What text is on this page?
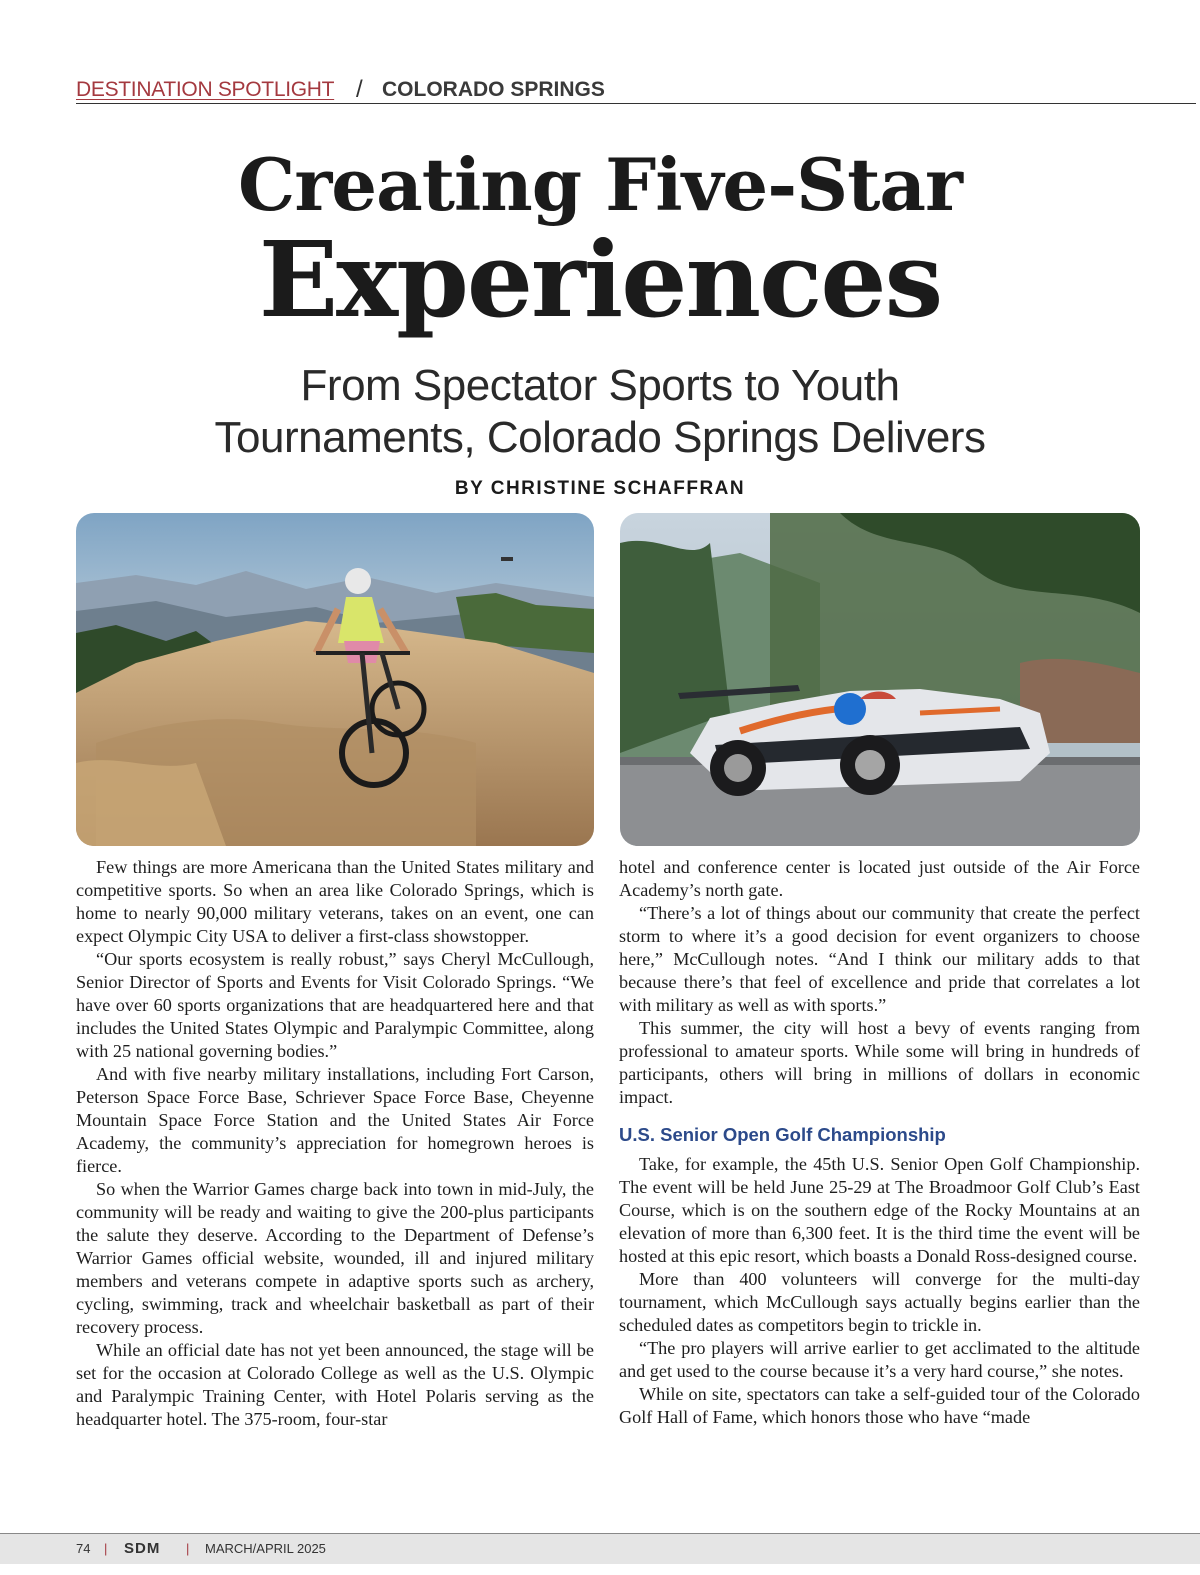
DESTINATION SPOTLIGHT / COLORADO SPRINGS
Creating Five-Star
Experiences
From Spectator Sports to Youth
Tournaments, Colorado Springs Delivers
BY CHRISTINE SCHAFFRAN

Few things are more Americana than the United States military and competitive sports. So when an area like Colorado Springs, which is home to nearly 90,000 military veterans, takes on an event, one can expect Olympic City USA to deliver a first-class showstopper.

“Our sports ecosystem is really robust,” says Cheryl McCullough, Senior Director of Sports and Events for Visit Colorado Springs. “We have over 60 sports organizations that are headquartered here and that includes the United States Olympic and Paralympic Committee, along with 25 national governing bodies.”

And with five nearby military installations, including Fort Carson, Peterson Space Force Base, Schriever Space Force Base, Cheyenne Mountain Space Force Station and the United States Air Force Academy, the community’s appreciation for homegrown heroes is fierce.

So when the Warrior Games charge back into town in mid-July, the community will be ready and waiting to give the 200-plus participants the salute they deserve. According to the Department of Defense’s Warrior Games official website, wounded, ill and injured military members and veterans compete in adaptive sports such as archery, cycling, swimming, track and wheelchair basketball as part of their recovery process.

While an official date has not yet been announced, the stage will be set for the occasion at Colorado College as well as the U.S. Olympic and Paralympic Training Center, with Hotel Polaris serving as the headquarter hotel. The 375-room, four-star

hotel and conference center is located just outside of the Air Force Academy’s north gate.

“There’s a lot of things about our community that create the perfect storm to where it’s a good decision for event organizers to choose here,” McCullough notes. “And I think our military adds to that because there’s that feel of excellence and pride that correlates a lot with military as well as with sports.”

This summer, the city will host a bevy of events ranging from professional to amateur sports. While some will bring in hundreds of participants, others will bring in millions of dollars in economic impact.

U.S. Senior Open Golf Championship

Take, for example, the 45th U.S. Senior Open Golf Championship. The event will be held June 25-29 at The Broadmoor Golf Club’s East Course, which is on the southern edge of the Rocky Mountains at an elevation of more than 6,300 feet. It is the third time the event will be hosted at this epic resort, which boasts a Donald Ross-designed course.

More than 400 volunteers will converge for the multi-day tournament, which McCullough says actually begins earlier than the scheduled dates as competitors begin to trickle in.

“The pro players will arrive earlier to get acclimated to the altitude and get used to the course because it’s a very hard course,” she notes.

While on site, spectators can take a self-guided tour of the Colorado Golf Hall of Fame, which honors those who have “made

74 | SDM | MARCH/APRIL 2025
